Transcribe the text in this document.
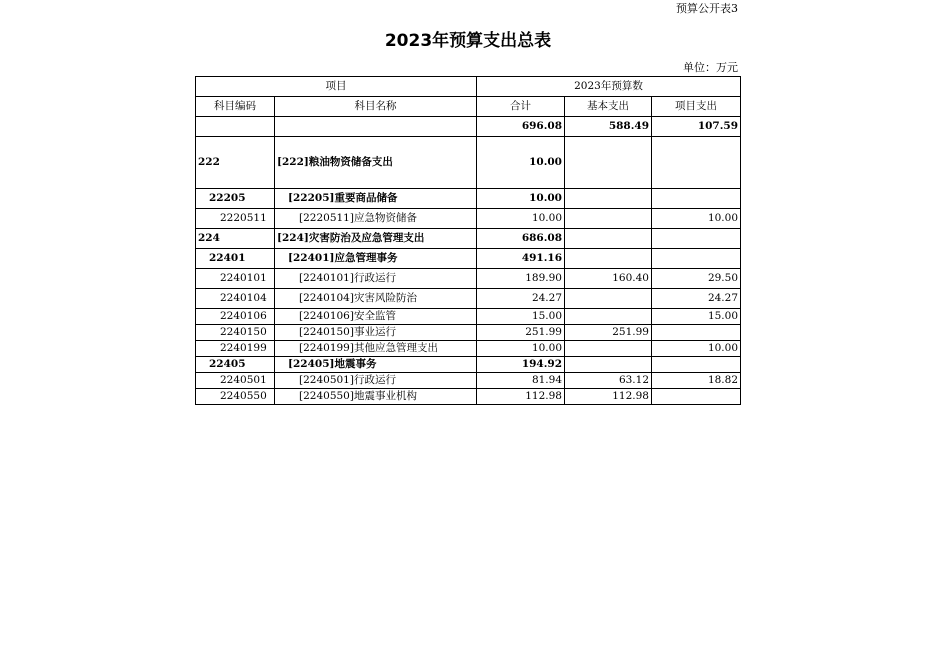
预算公开表3
2023年预算支出总表
单位：万元
项目		2023年预算数		
科目编码	科目名称	合计	基本支出	项目支出
		696.08	588.49	107.59
222	[222]粮油物资储备支出	10.00		
22205	[22205]重要商品储备	10.00		
2220511	[2220511]应急物资储备	10.00		10.00
224	[224]灾害防治及应急管理支出	686.08		
22401	[22401]应急管理事务	491.16		
2240101	[2240101]行政运行	189.90	160.40	29.50
2240104	[2240104]灾害风险防治	24.27		24.27
2240106	[2240106]安全监管	15.00		15.00
2240150	[2240150]事业运行	251.99	251.99	
2240199	[2240199]其他应急管理支出	10.00		10.00
22405	[22405]地震事务	194.92		
2240501	[2240501]行政运行	81.94	63.12	18.82
2240550	[2240550]地震事业机构	112.98	112.98	
